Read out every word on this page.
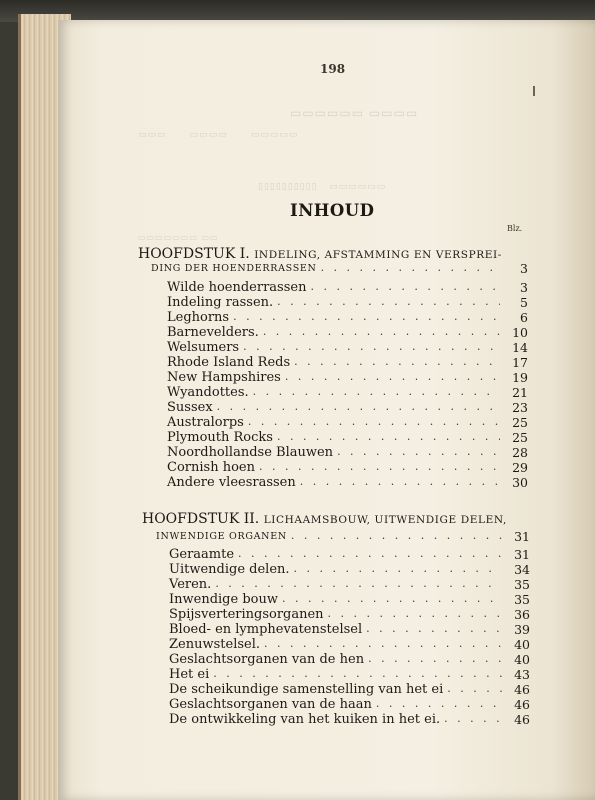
▭▭▭▭▭▭ ▭▭▭▭
▭▭▭      ▭▭▭▭      ▭▭▭▭▭
▯▯▯▯▯▯▯▯▯▯   ▭▭▭▭▭▭
▭▭▭▭▭▭▭ ▭▭
198
INHOUD
Blz.
HOOFDSTUK I. INDELING, AFSTAMMING EN VERSPREI-
DING DER HOENDERRASSEN . . .	3
Wilde hoenderrassen . . .	3
Indeling rassen. . . .	5
Leghorns . . .	6
Barnevelders. . . .	10
Welsumers . . .	14
Rhode Island Reds . . .	17
New Hampshires . . .	19
Wyandottes. . . .	21
Sussex . . .	23
Australorps . . .	25
Plymouth Rocks . . .	25
Noordhollandse Blauwen . . .	28
Cornish hoen . . .	29
Andere vleesrassen . . .	30
HOOFDSTUK II. LICHAAMSBOUW, UITWENDIGE DELEN,
INWENDIGE ORGANEN . . .	31
Geraamte . . .	31
Uitwendige delen. . . .	34
Veren. . . .	35
Inwendige bouw . . .	35
Spijsverteringsorganen . . .	36
Bloed- en lymphevatenstelsel . . .	39
Zenuwstelsel. . . .	40
Geslachtsorganen van de hen . . .	40
Het ei . . .	43
De scheikundige samenstelling van het ei . . .	46
Geslachtsorganen van de haan . . .	46
De ontwikkeling van het kuiken in het ei. . . .	46
